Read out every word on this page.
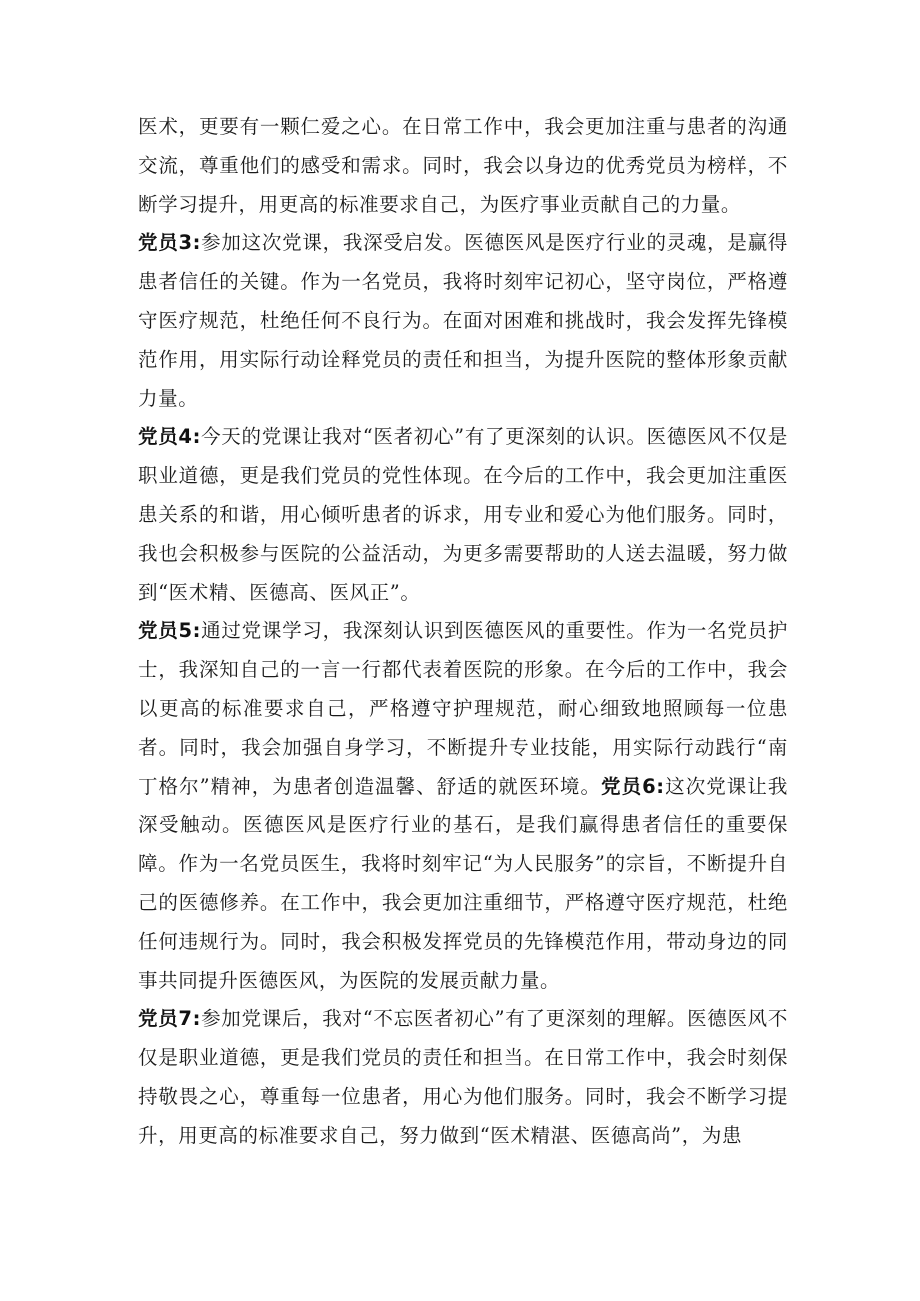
医术，更要有一颗仁爱之心。在日常工作中，我会更加注重与患者的沟通交流，尊重他们的感受和需求。同时，我会以身边的优秀党员为榜样，不断学习提升，用更高的标准要求自己，为医疗事业贡献自己的力量。

党员3:参加这次党课，我深受启发。医德医风是医疗行业的灵魂，是赢得患者信任的关键。作为一名党员，我将时刻牢记初心，坚守岗位，严格遵守医疗规范，杜绝任何不良行为。在面对困难和挑战时，我会发挥先锋模范作用，用实际行动诠释党员的责任和担当，为提升医院的整体形象贡献力量。

党员4:今天的党课让我对“医者初心”有了更深刻的认识。医德医风不仅是职业道德，更是我们党员的党性体现。在今后的工作中，我会更加注重医患关系的和谐，用心倾听患者的诉求，用专业和爱心为他们服务。同时，我也会积极参与医院的公益活动，为更多需要帮助的人送去温暖，努力做到“医术精、医德高、医风正”。

党员5:通过党课学习，我深刻认识到医德医风的重要性。作为一名党员护士，我深知自己的一言一行都代表着医院的形象。在今后的工作中，我会以更高的标准要求自己，严格遵守护理规范，耐心细致地照顾每一位患者。同时，我会加强自身学习，不断提升专业技能，用实际行动践行“南丁格尔”精神，为患者创造温馨、舒适的就医环境。党员6:这次党课让我深受触动。医德医风是医疗行业的基石，是我们赢得患者信任的重要保障。作为一名党员医生，我将时刻牢记“为人民服务”的宗旨，不断提升自己的医德修养。在工作中，我会更加注重细节，严格遵守医疗规范，杜绝任何违规行为。同时，我会积极发挥党员的先锋模范作用，带动身边的同事共同提升医德医风，为医院的发展贡献力量。

党员7:参加党课后，我对“不忘医者初心”有了更深刻的理解。医德医风不仅是职业道德，更是我们党员的责任和担当。在日常工作中，我会时刻保持敬畏之心，尊重每一位患者，用心为他们服务。同时，我会不断学习提升，用更高的标准要求自己，努力做到“医术精湛、医德高尚”，为患
